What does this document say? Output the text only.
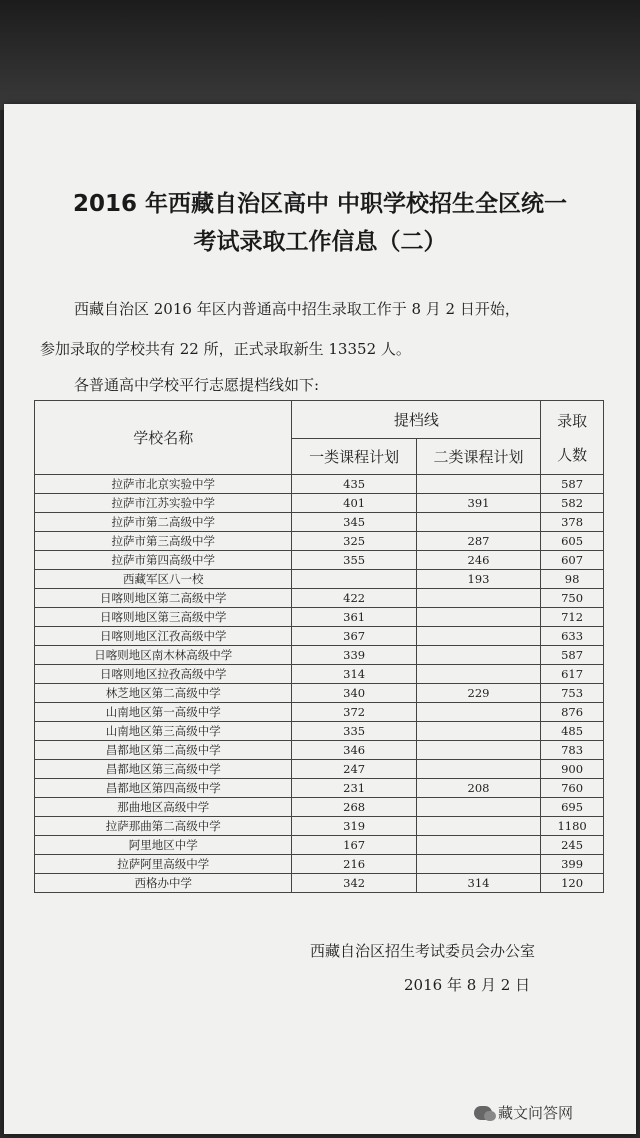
2016 年西藏自治区高中 中职学校招生全区统一
考试录取工作信息（二）
西藏自治区 2016 年区内普通高中招生录取工作于 8 月 2 日开始，
参加录取的学校共有 22 所，正式录取新生 13352 人。
各普通高中学校平行志愿提档线如下:
学校名称	提档线		录取
人数

	一类课程计划	二类课程计划	
拉萨市北京实验中学	435		587
拉萨市江苏实验中学	401	391	582
拉萨市第二高级中学	345		378
拉萨市第三高级中学	325	287	605
拉萨市第四高级中学	355	246	607
西藏军区八一校		193	98
日喀则地区第二高级中学	422		750
日喀则地区第三高级中学	361		712
日喀则地区江孜高级中学	367		633
日喀则地区南木林高级中学	339		587
日喀则地区拉孜高级中学	314		617
林芝地区第二高级中学	340	229	753
山南地区第一高级中学	372		876
山南地区第三高级中学	335		485
昌都地区第二高级中学	346		783
昌都地区第三高级中学	247		900
昌都地区第四高级中学	231	208	760
那曲地区高级中学	268		695
拉萨那曲第二高级中学	319		1180
阿里地区中学	167		245
拉萨阿里高级中学	216		399
西格办中学	342	314	120
西藏自治区招生考试委员会办公室
2016 年 8 月 2 日
藏文问答网
